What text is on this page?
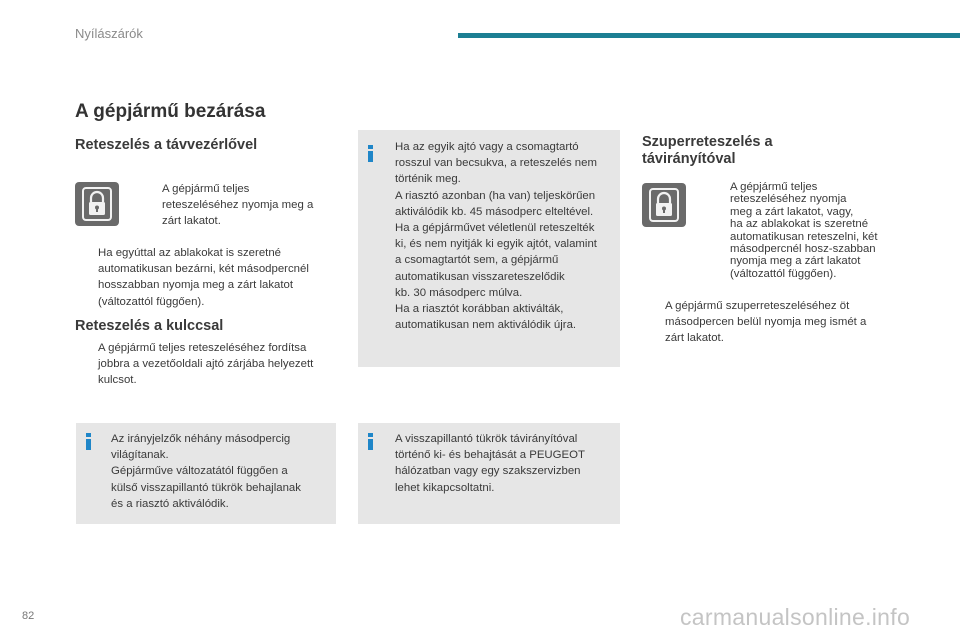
Nyílászárók
A gépjármű bezárása
Reteszelés a távvezérlővel
A gépjármű teljes
reteszeléséhez nyomja meg a
zárt lakatot.
Ha egyúttal az ablakokat is szeretné
automatikusan bezárni, két másodpercnél
hosszabban nyomja meg a zárt lakatot
(változattól függően).
Reteszelés a kulccsal
A gépjármű teljes reteszeléséhez fordítsa
jobbra a vezetőoldali ajtó zárjába helyezett
kulcsot.
Az irányjelzők néhány másodpercig
világítanak.
Gépjárműve változatától függően a
külső visszapillantó tükrök behajlanak
és a riasztó aktiválódik.
Ha az egyik ajtó vagy a csomagtartó
rosszul van becsukva, a reteszelés nem
történik meg.
A riasztó azonban (ha van) teljeskörűen
aktiválódik kb. 45 másodperc elteltével.
Ha a gépjárművet véletlenül reteszelték
ki, és nem nyitják ki egyik ajtót, valamint
a csomagtartót sem, a gépjármű
automatikusan visszareteszelődik
kb. 30 másodperc múlva.
Ha a riasztót korábban aktiválták,
automatikusan nem aktiválódik újra.
A visszapillantó tükrök távirányítóval
történő ki- és behajtását a PEUGEOT
hálózatban vagy egy szakszervizben
lehet kikapcsoltatni.
Szuperreteszelés a
távirányítóval
A gépjármű teljes
reteszeléséhez nyomja
meg a zárt lakatot, vagy,
ha az ablakokat is szeretné
automatikusan reteszelni, két
másodpercnél hosz-szabban
nyomja meg a zárt lakatot
(változattól függően).
A gépjármű szuperreteszeléséhez öt
másodpercen belül nyomja meg ismét a
zárt lakatot.
82	carmanualsonline.info
